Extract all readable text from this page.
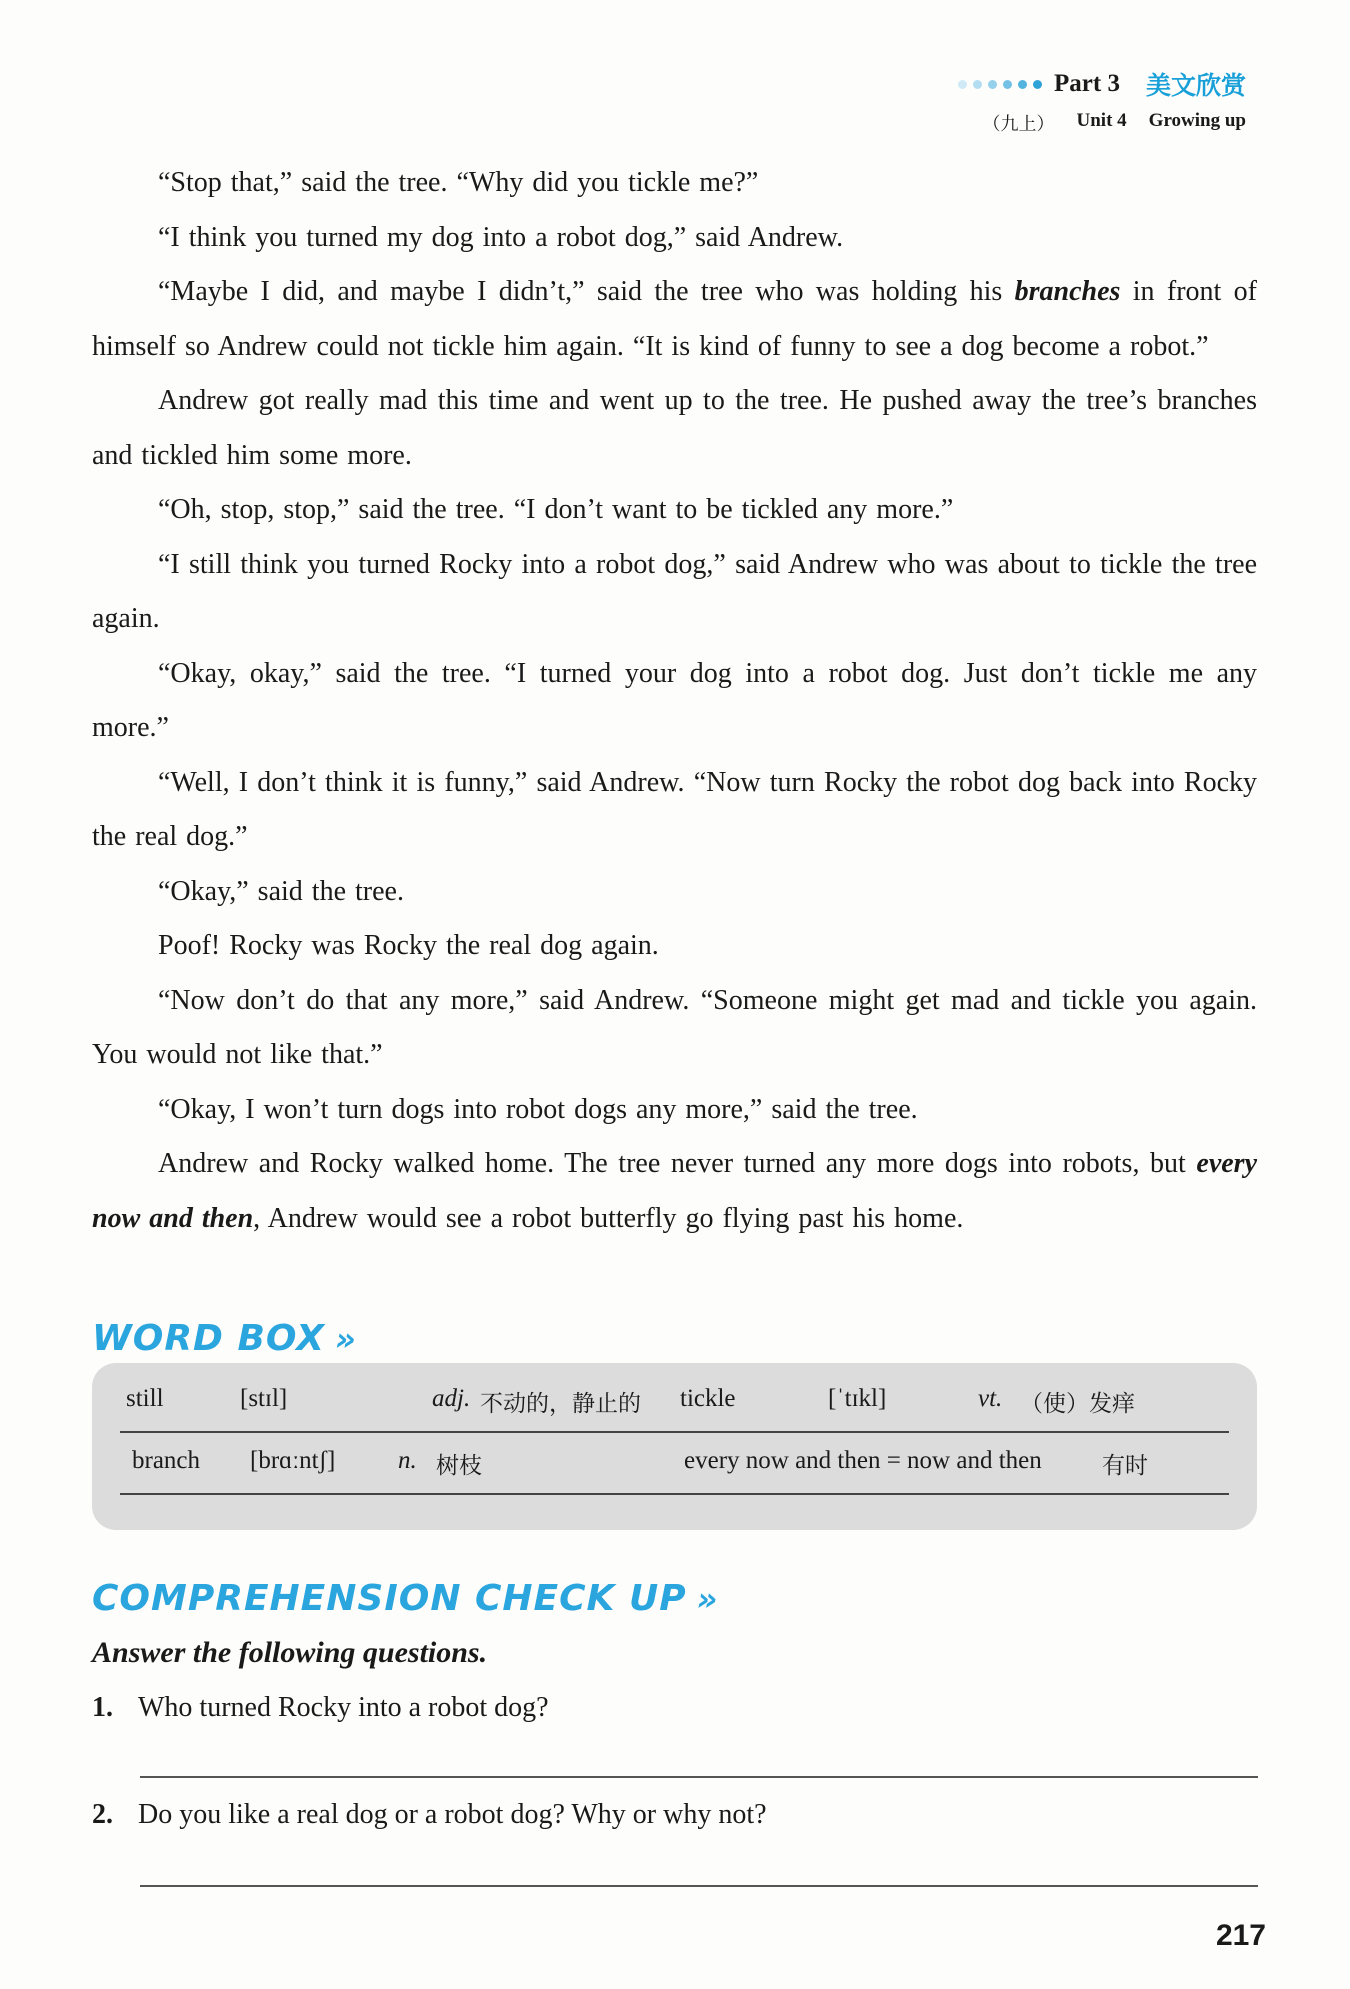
Part 3 美文欣赏
（九上） Unit 4 Growing up

“Stop that,” said the tree. “Why did you tickle me?”

“I think you turned my dog into a robot dog,” said Andrew.

“Maybe I did, and maybe I didn’t,” said the tree who was holding his branches in front of himself so Andrew could not tickle him again. “It is kind of funny to see a dog become a robot.”

Andrew got really mad this time and went up to the tree. He pushed away the tree’s branches and tickled him some more.

“Oh, stop, stop,” said the tree. “I don’t want to be tickled any more.”

“I still think you turned Rocky into a robot dog,” said Andrew who was about to tickle the tree again.

“Okay, okay,” said the tree. “I turned your dog into a robot dog. Just don’t tickle me any more.”

“Well, I don’t think it is funny,” said Andrew. “Now turn Rocky the robot dog back into Rocky the real dog.”

“Okay,” said the tree.

Poof! Rocky was Rocky the real dog again.

“Now don’t do that any more,” said Andrew. “Someone might get mad and tickle you again. You would not like that.”

“Okay, I won’t turn dogs into robot dogs any more,” said the tree.

Andrew and Rocky walked home. The tree never turned any more dogs into robots, but every now and then, Andrew would see a robot butterfly go flying past his home.

WORD BOX »
still	[stɪl]	adj. 不动的，静止的 tickle	[ˈtɪkl]	vt. （使）发痒
branch [brɑːntʃ]	n. 树枝	every now and then = now and then	有时
COMPREHENSION CHECK UP »
Answer the following questions.
1. Who turned Rocky into a robot dog?
2. Do you like a real dog or a robot dog? Why or why not?
217
